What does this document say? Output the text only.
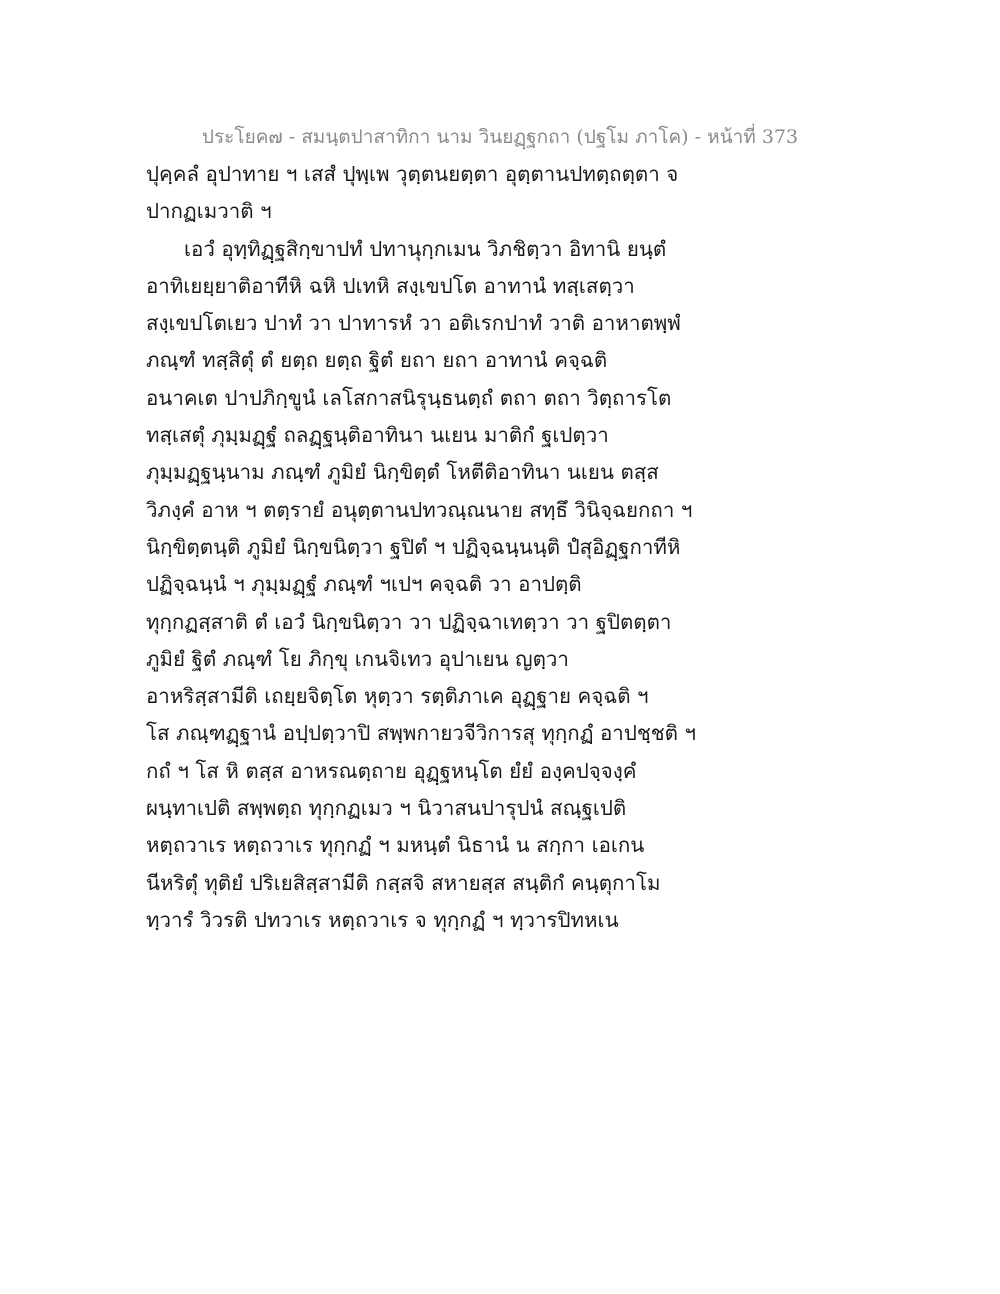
ประโยค๗ - สมนฺตปาสาทิกา นาม วินยฏฺฐกถา (ปฐโม ภาโค) - หน้าที่ 373
ปุคฺคลํ อุปาทาย ฯ เสสํ ปุพฺเพ วุตฺตนยตฺตา อุตฺตานปทตฺถตฺตา จ
ปากฏเมวาติ ฯ
เอวํ อุทฺทิฏฺฐสิกฺขาปทํ ปทานุกฺกเมน วิภชิตฺวา อิทานิ ยนฺตํ
อาทิเยยฺยาติอาทีหิ ฉหิ ปเทหิ สงฺเขปโต อาทานํ ทสฺเสตฺวา
สงฺเขปโตเยว ปาทํ วา ปาทารหํ วา อติเรกปาทํ วาติ อาหาตพฺพํ
ภณฺฑํ ทสฺสิตุํ ตํ ยตฺถ ยตฺถ ฐิตํ ยถา ยถา อาทานํ คจฺฉติ
อนาคเต ปาปภิกฺขูนํ เลโสกาสนิรุนฺธนตฺถํ ตถา ตถา วิตฺถารโต
ทสฺเสตุํ ภุมฺมฏฺฐํ ถลฏฺฐนฺติอาทินา นเยน มาติกํ ฐเปตฺวา
ภุมฺมฏฺฐนฺนาม ภณฺฑํ ภูมิยํ นิกฺขิตฺตํ โหตีติอาทินา นเยน ตสฺส
วิภงฺคํ อาห ฯ ตตฺรายํ อนุตฺตานปทวณฺณนาย สทฺธึ วินิจฺฉยกถา ฯ
นิกฺขิตฺตนฺติ ภูมิยํ นิกฺขนิตฺวา ฐปิตํ ฯ ปฏิจฺฉนฺนนฺติ ปํสุอิฏฺฐกาทีหิ
ปฏิจฺฉนฺนํ ฯ ภุมฺมฏฺฐํ ภณฺฑํ ฯเปฯ คจฺฉติ วา อาปตฺติ
ทุกฺกฏสฺสาติ ตํ เอวํ นิกฺขนิตฺวา วา ปฏิจฺฉาเทตฺวา วา ฐปิตตฺตา
ภูมิยํ ฐิตํ ภณฺฑํ โย ภิกฺขุ เกนจิเทว อุปาเยน ญตฺวา
อาหริสฺสามีติ เถยฺยจิตฺโต หุตฺวา รตฺติภาเค อุฏฺฐาย คจฺฉติ ฯ
โส ภณฺฑฏฺฐานํ อปฺปตฺวาปิ สพฺพกายวจีวิการสุ ทุกฺกฏํ อาปชฺชติ ฯ
กถํ ฯ โส หิ ตสฺส อาหรณตฺถาย อุฏฺฐหนฺโต ยํยํ องฺคปจฺจงฺคํ
ผนฺทาเปติ สพฺพตฺถ ทุกฺกฏเมว ฯ นิวาสนปารุปนํ สณฺฐเปติ
หตฺถวาเร หตฺถวาเร ทุกฺกฏํ ฯ มหนฺตํ นิธานํ น สกฺกา เอเกน
นีหริตุํ ทุติยํ ปริเยสิสฺสามีติ กสฺสจิ สหายสฺส สนฺติกํ คนฺตุกาโม
ทฺวารํ วิวรติ ปทวาเร หตฺถวาเร จ ทุกฺกฏํ ฯ ทฺวารปิทหเน
